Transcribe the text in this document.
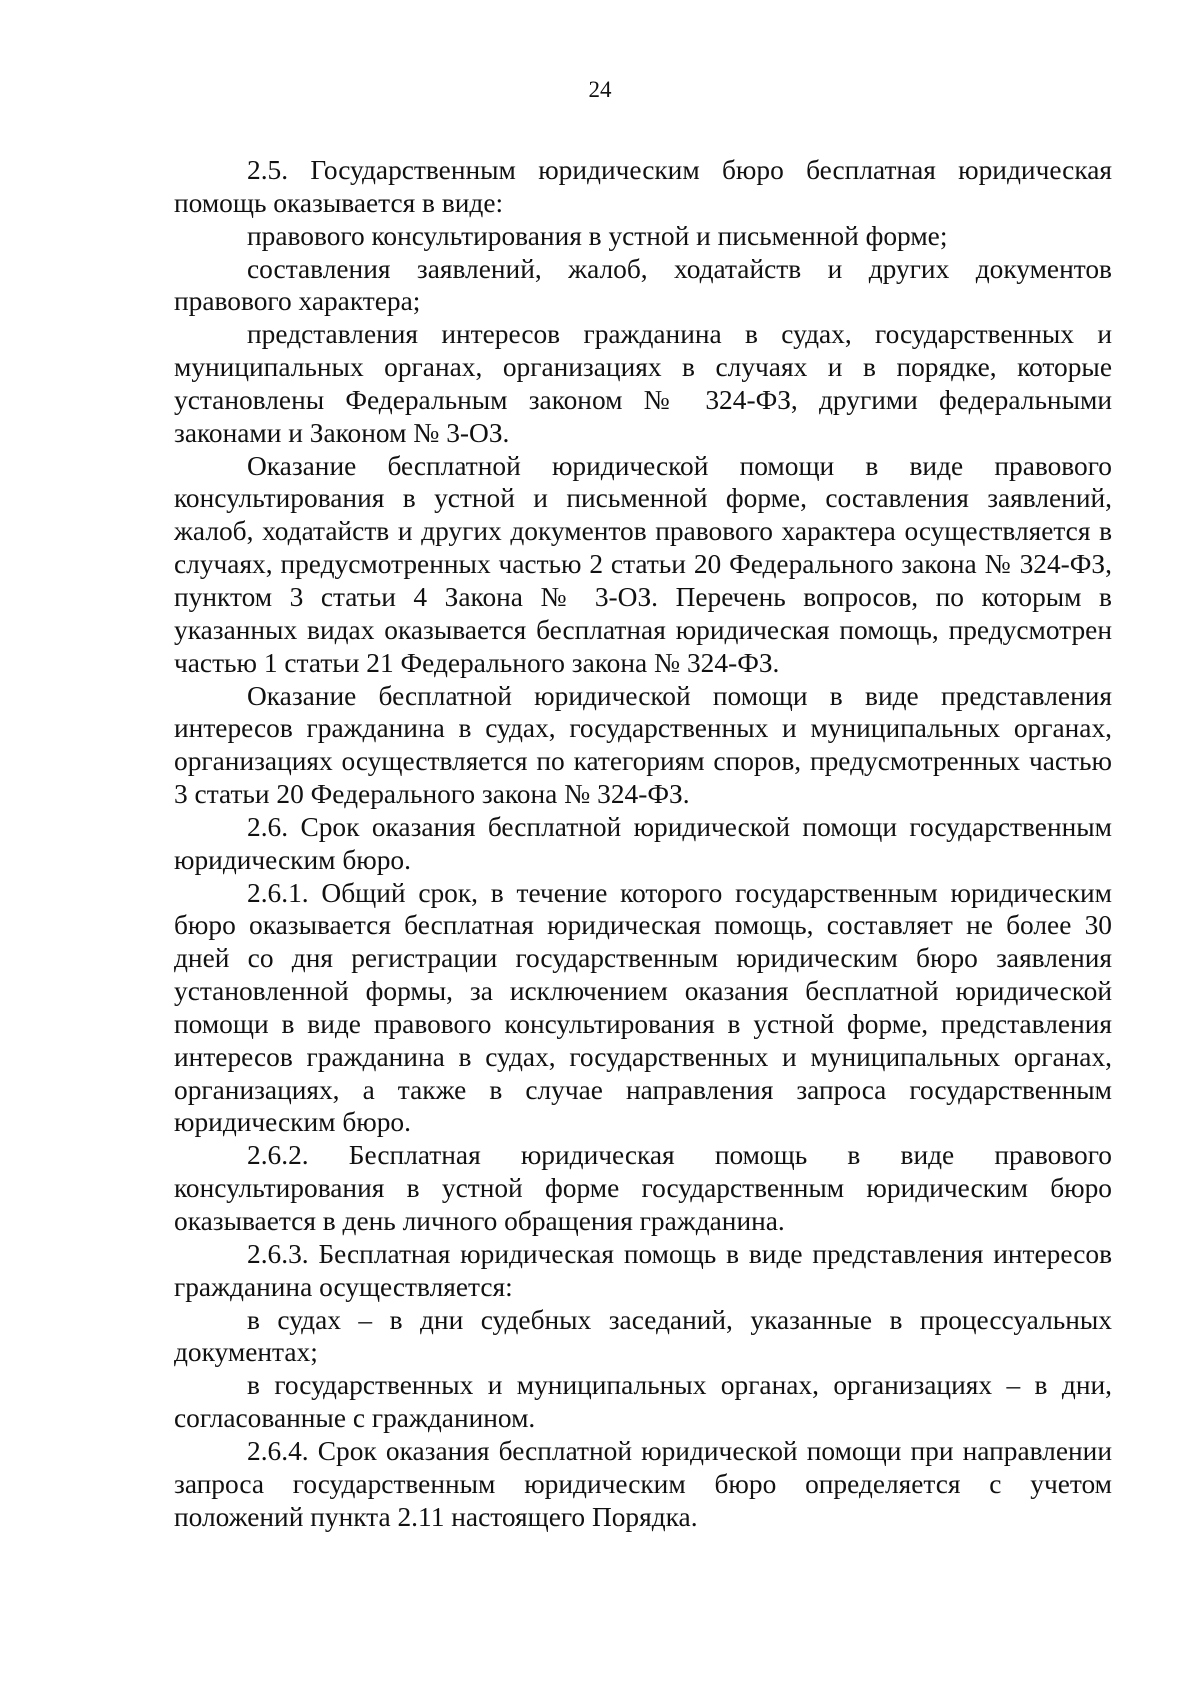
24

2.5. Государственным юридическим бюро бесплатная юридическая помощь оказывается в виде:

правового консультирования в устной и письменной форме;

составления заявлений, жалоб, ходатайств и других документов правового характера;

представления интересов гражданина в судах, государственных и муниципальных органах, организациях в случаях и в порядке, которые установлены Федеральным законом № 324-ФЗ, другими федеральными законами и Законом № 3-ОЗ.

Оказание бесплатной юридической помощи в виде правового консультирования в устной и письменной форме, составления заявлений, жалоб, ходатайств и других документов правового характера осуществляется в случаях, предусмотренных частью 2 статьи 20 Федерального закона № 324-ФЗ, пунктом 3 статьи 4 Закона № 3-ОЗ. Перечень вопросов, по которым в указанных видах оказывается бесплатная юридическая помощь, предусмотрен частью 1 статьи 21 Федерального закона № 324-ФЗ.

Оказание бесплатной юридической помощи в виде представления интересов гражданина в судах, государственных и муниципальных органах, организациях осуществляется по категориям споров, предусмотренных частью 3 статьи 20 Федерального закона № 324-ФЗ.

2.6. Срок оказания бесплатной юридической помощи государственным юридическим бюро.

2.6.1. Общий срок, в течение которого государственным юридическим бюро оказывается бесплатная юридическая помощь, составляет не более 30 дней со дня регистрации государственным юридическим бюро заявления установленной формы, за исключением оказания бесплатной юридической помощи в виде правового консультирования в устной форме, представления интересов гражданина в судах, государственных и муниципальных органах, организациях, а также в случае направления запроса государственным юридическим бюро.

2.6.2. Бесплатная юридическая помощь в виде правового консультирования в устной форме государственным юридическим бюро оказывается в день личного обращения гражданина.

2.6.3. Бесплатная юридическая помощь в виде представления интересов гражданина осуществляется:

в судах – в дни судебных заседаний, указанные в процессуальных документах;

в государственных и муниципальных органах, организациях – в дни, согласованные с гражданином.

2.6.4. Срок оказания бесплатной юридической помощи при направлении запроса государственным юридическим бюро определяется с учетом положений пункта 2.11 настоящего Порядка.
